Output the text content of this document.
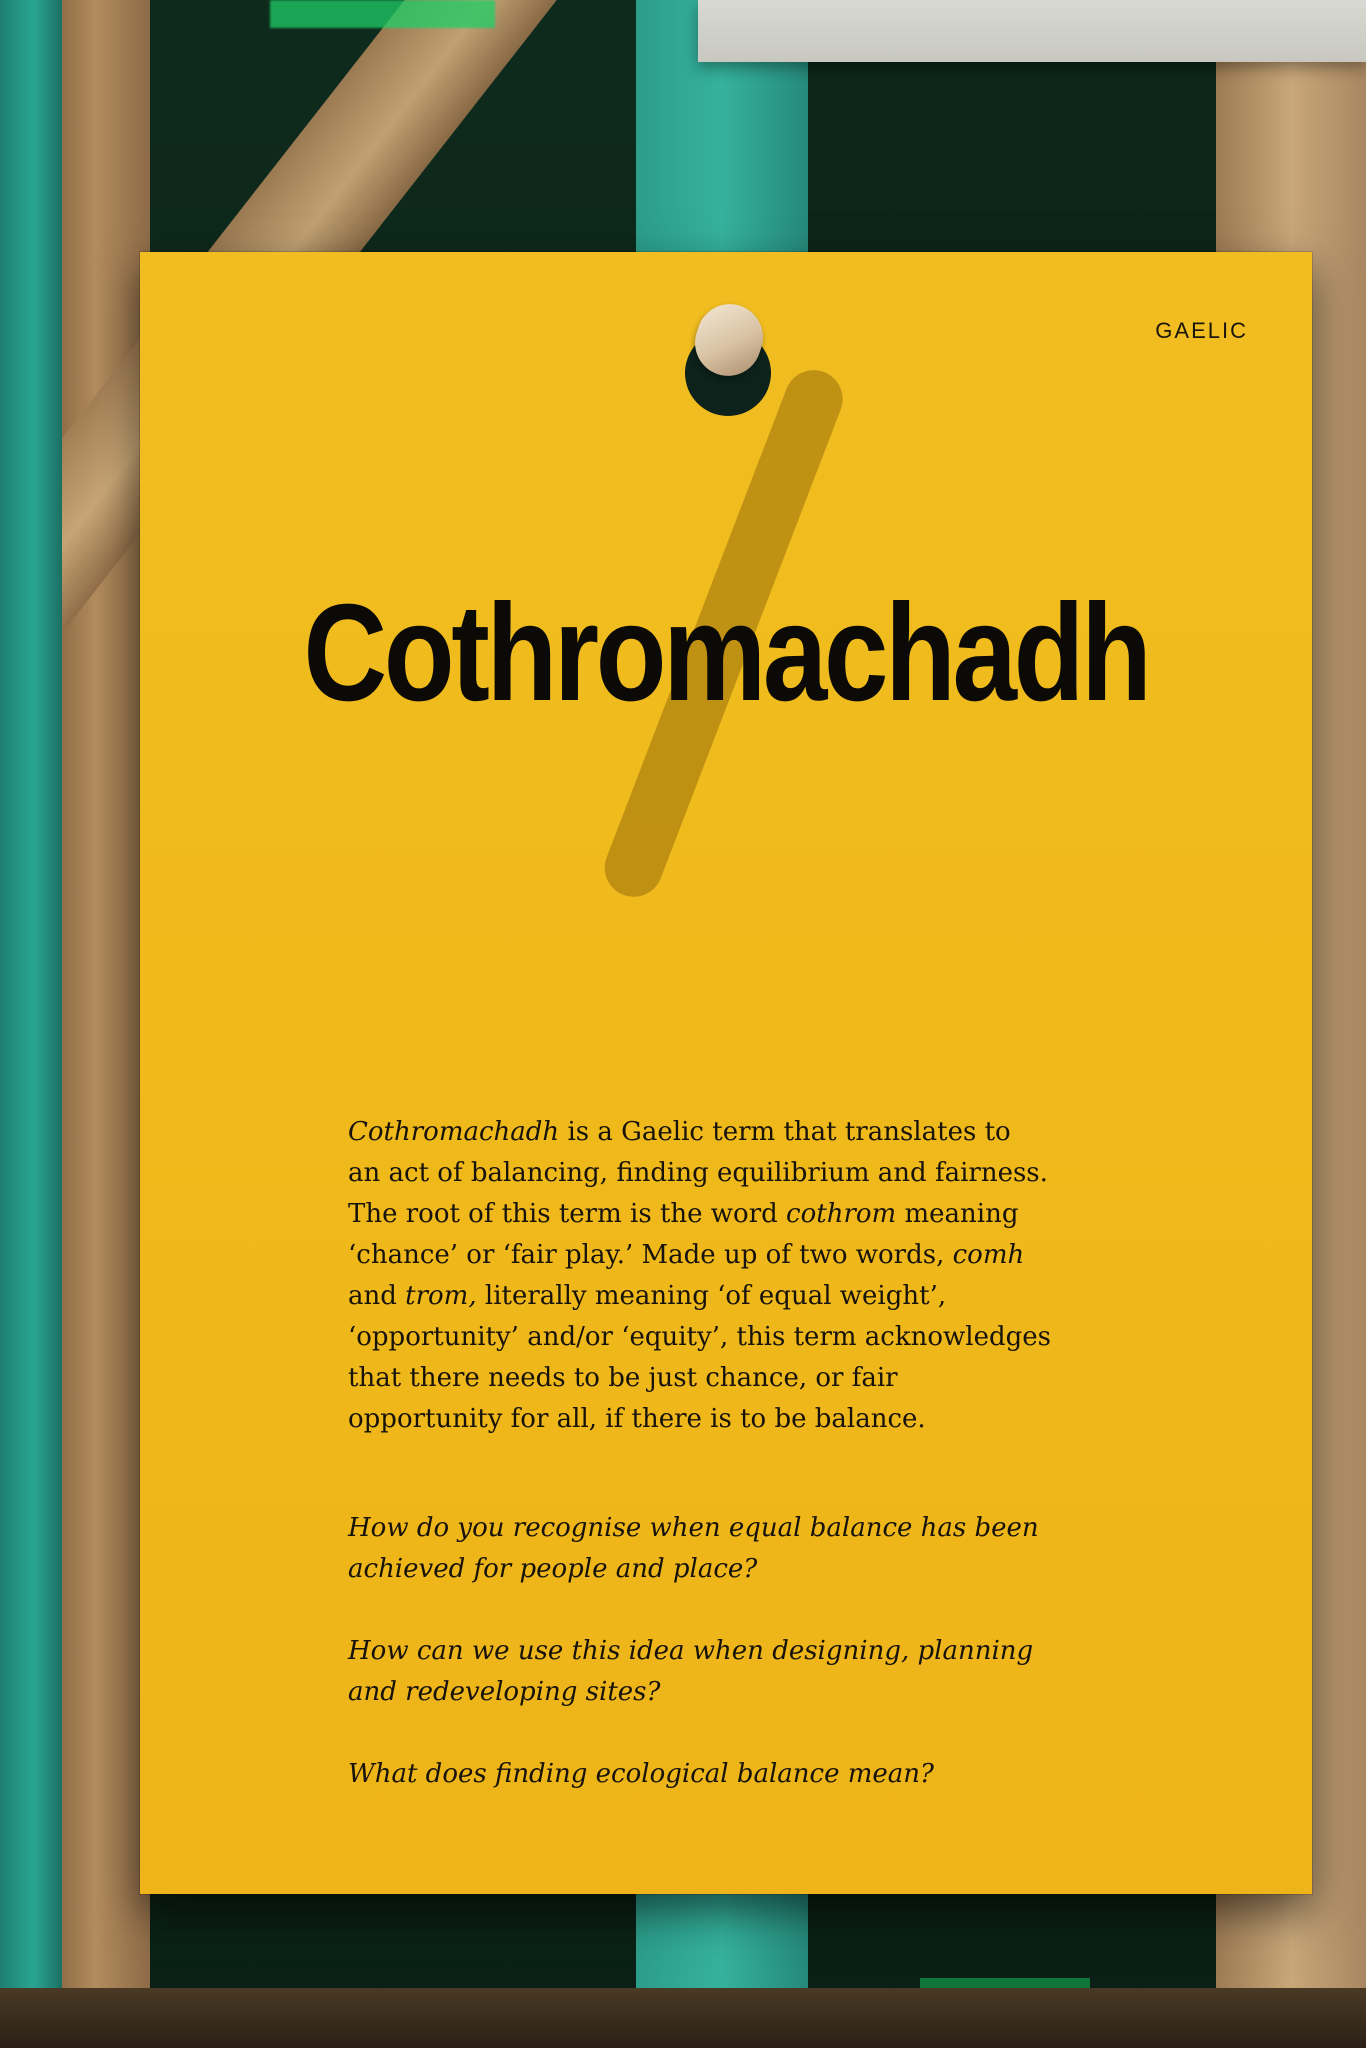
GAELIC
Cothromachadh
Cothromachadh is a Gaelic term that translates to
an act of balancing, finding equilibrium and fairness.
The root of this term is the word cothrom meaning
‘chance’ or ‘fair play.’ Made up of two words, comh
and trom, literally meaning ‘of equal weight’,
‘opportunity’ and/or ‘equity’, this term acknowledges
that there needs to be just chance, or fair
opportunity for all, if there is to be balance.
How do you recognise when equal balance has been
achieved for people and place?
How can we use this idea when designing, planning
and redeveloping sites?
What does finding ecological balance mean?
